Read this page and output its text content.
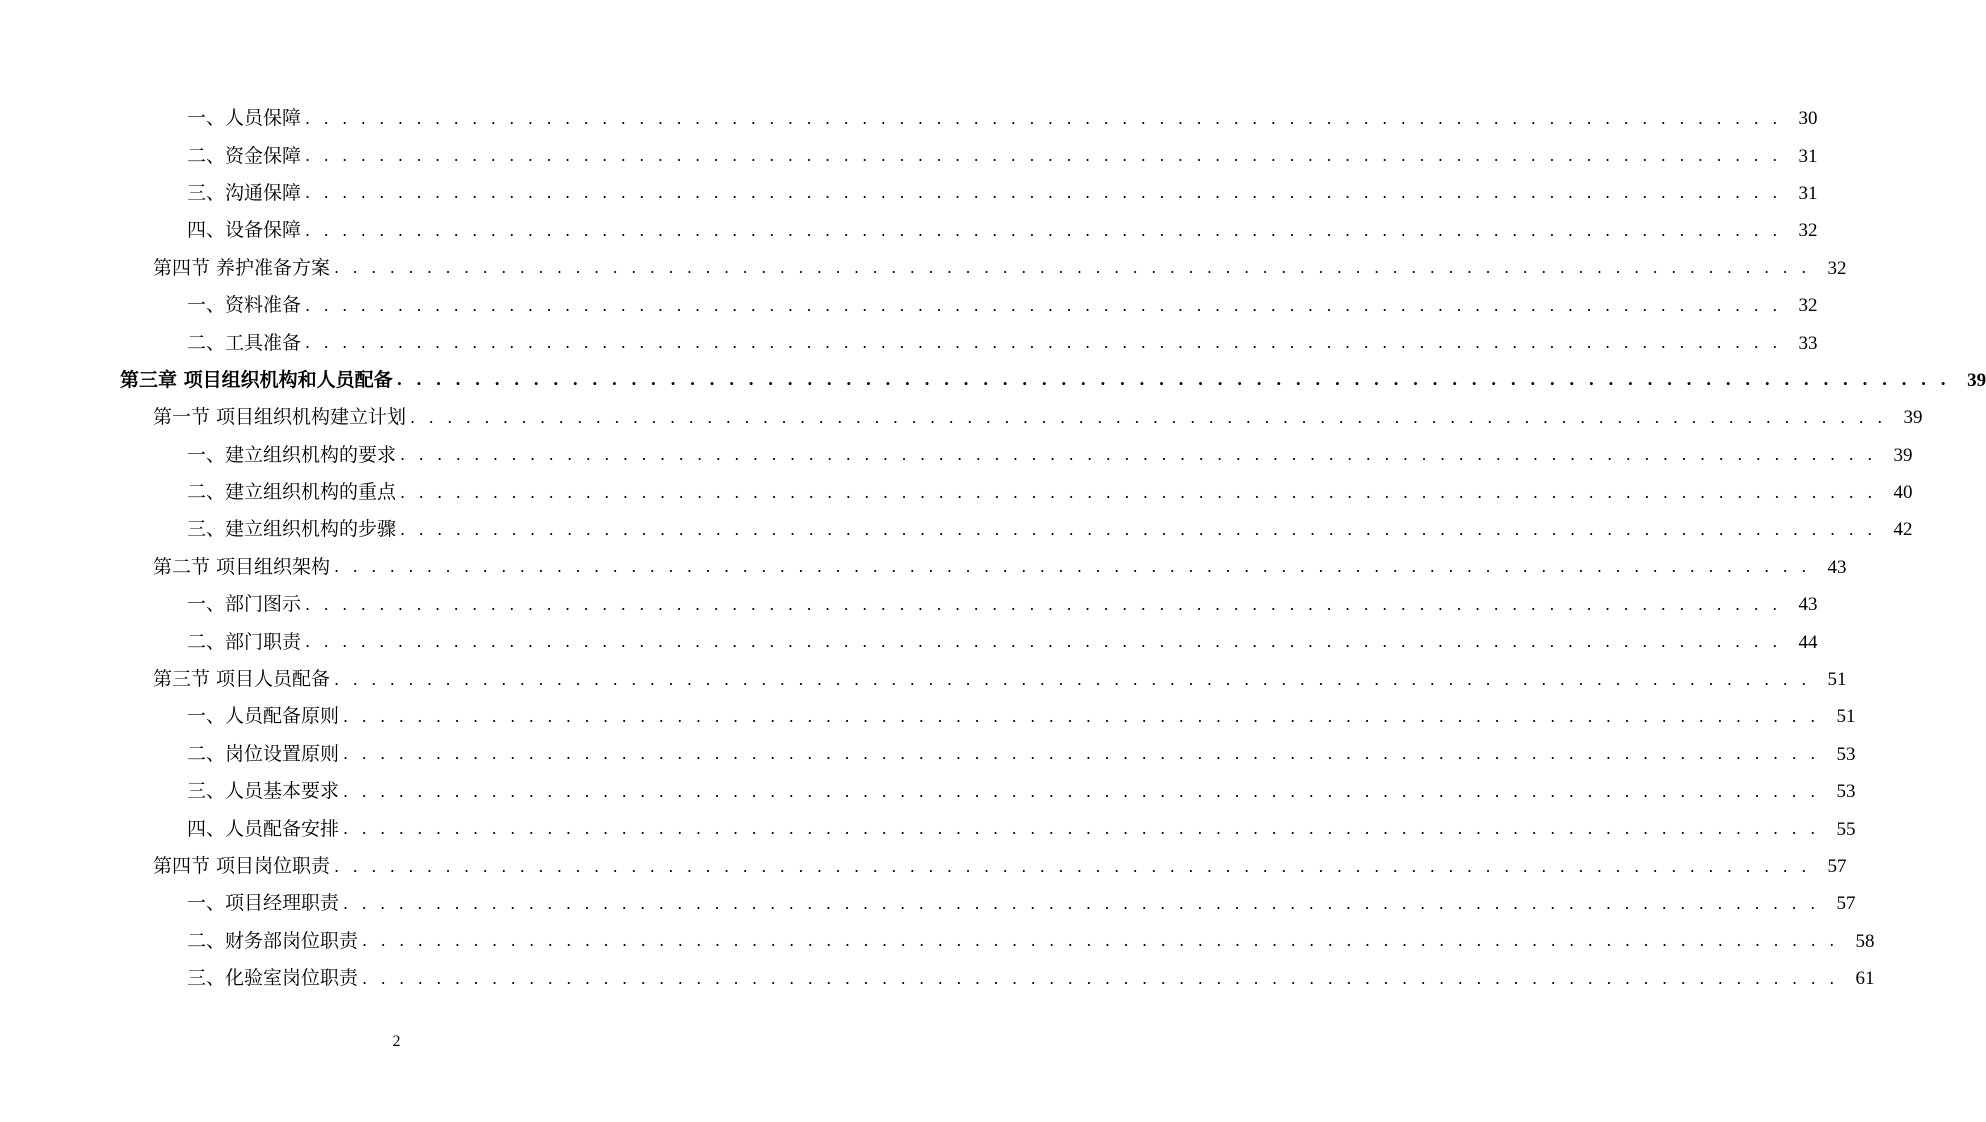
一、人员保障 . . . . . . . . . . . . . . . . . . . . . . . . . . . . . . . . . . . . . . . . . . . . . . . . . . . . . . . . . . . . . . . . . . . . . . . . . . . . . . . . 30
二、资金保障 . . . . . . . . . . . . . . . . . . . . . . . . . . . . . . . . . . . . . . . . . . . . . . . . . . . . . . . . . . . . . . . . . . . . . . . . . . . . . . . . 31
三、沟通保障 . . . . . . . . . . . . . . . . . . . . . . . . . . . . . . . . . . . . . . . . . . . . . . . . . . . . . . . . . . . . . . . . . . . . . . . . . . . . . . . . 31
四、设备保障 . . . . . . . . . . . . . . . . . . . . . . . . . . . . . . . . . . . . . . . . . . . . . . . . . . . . . . . . . . . . . . . . . . . . . . . . . . . . . . . . 32
第四节 养护准备方案 . . . . . . . . . . . . . . . . . . . . . . . . . . . . . . . . . . . . . . . . . . . . . . . . . . . . . . . . . . . . . . . . . . . . . . . . . . . . . . . . 32
一、资料准备 . . . . . . . . . . . . . . . . . . . . . . . . . . . . . . . . . . . . . . . . . . . . . . . . . . . . . . . . . . . . . . . . . . . . . . . . . . . . . . . . 32
二、工具准备 . . . . . . . . . . . . . . . . . . . . . . . . . . . . . . . . . . . . . . . . . . . . . . . . . . . . . . . . . . . . . . . . . . . . . . . . . . . . . . . . 33
第三章 项目组织机构和人员配备 . . . . . . . . . . . . . . . . . . . . . . . . . . . . . . . . . . . . . . . . . . . . . . . . . . . . . . . . . . . . . . . . . . . . . . . . . . . . . . . . 39
第一节 项目组织机构建立计划 . . . . . . . . . . . . . . . . . . . . . . . . . . . . . . . . . . . . . . . . . . . . . . . . . . . . . . . . . . . . . . . . . . . . . . . . . . . . . . . . 39
一、建立组织机构的要求 . . . . . . . . . . . . . . . . . . . . . . . . . . . . . . . . . . . . . . . . . . . . . . . . . . . . . . . . . . . . . . . . . . . . . . . . . . . . . . . . 39
二、建立组织机构的重点 . . . . . . . . . . . . . . . . . . . . . . . . . . . . . . . . . . . . . . . . . . . . . . . . . . . . . . . . . . . . . . . . . . . . . . . . . . . . . . . . 40
三、建立组织机构的步骤 . . . . . . . . . . . . . . . . . . . . . . . . . . . . . . . . . . . . . . . . . . . . . . . . . . . . . . . . . . . . . . . . . . . . . . . . . . . . . . . . 42
第二节 项目组织架构 . . . . . . . . . . . . . . . . . . . . . . . . . . . . . . . . . . . . . . . . . . . . . . . . . . . . . . . . . . . . . . . . . . . . . . . . . . . . . . . . 43
一、部门图示 . . . . . . . . . . . . . . . . . . . . . . . . . . . . . . . . . . . . . . . . . . . . . . . . . . . . . . . . . . . . . . . . . . . . . . . . . . . . . . . . 43
二、部门职责 . . . . . . . . . . . . . . . . . . . . . . . . . . . . . . . . . . . . . . . . . . . . . . . . . . . . . . . . . . . . . . . . . . . . . . . . . . . . . . . . 44
第三节 项目人员配备 . . . . . . . . . . . . . . . . . . . . . . . . . . . . . . . . . . . . . . . . . . . . . . . . . . . . . . . . . . . . . . . . . . . . . . . . . . . . . . . . 51
一、人员配备原则 . . . . . . . . . . . . . . . . . . . . . . . . . . . . . . . . . . . . . . . . . . . . . . . . . . . . . . . . . . . . . . . . . . . . . . . . . . . . . . . . 51
二、岗位设置原则 . . . . . . . . . . . . . . . . . . . . . . . . . . . . . . . . . . . . . . . . . . . . . . . . . . . . . . . . . . . . . . . . . . . . . . . . . . . . . . . . 53
三、人员基本要求 . . . . . . . . . . . . . . . . . . . . . . . . . . . . . . . . . . . . . . . . . . . . . . . . . . . . . . . . . . . . . . . . . . . . . . . . . . . . . . . . 53
四、人员配备安排 . . . . . . . . . . . . . . . . . . . . . . . . . . . . . . . . . . . . . . . . . . . . . . . . . . . . . . . . . . . . . . . . . . . . . . . . . . . . . . . . 55
第四节 项目岗位职责 . . . . . . . . . . . . . . . . . . . . . . . . . . . . . . . . . . . . . . . . . . . . . . . . . . . . . . . . . . . . . . . . . . . . . . . . . . . . . . . . 57
一、项目经理职责 . . . . . . . . . . . . . . . . . . . . . . . . . . . . . . . . . . . . . . . . . . . . . . . . . . . . . . . . . . . . . . . . . . . . . . . . . . . . . . . . 57
二、财务部岗位职责 . . . . . . . . . . . . . . . . . . . . . . . . . . . . . . . . . . . . . . . . . . . . . . . . . . . . . . . . . . . . . . . . . . . . . . . . . . . . . . . . 58
三、化验室岗位职责 . . . . . . . . . . . . . . . . . . . . . . . . . . . . . . . . . . . . . . . . . . . . . . . . . . . . . . . . . . . . . . . . . . . . . . . . . . . . . . . . 61
2
